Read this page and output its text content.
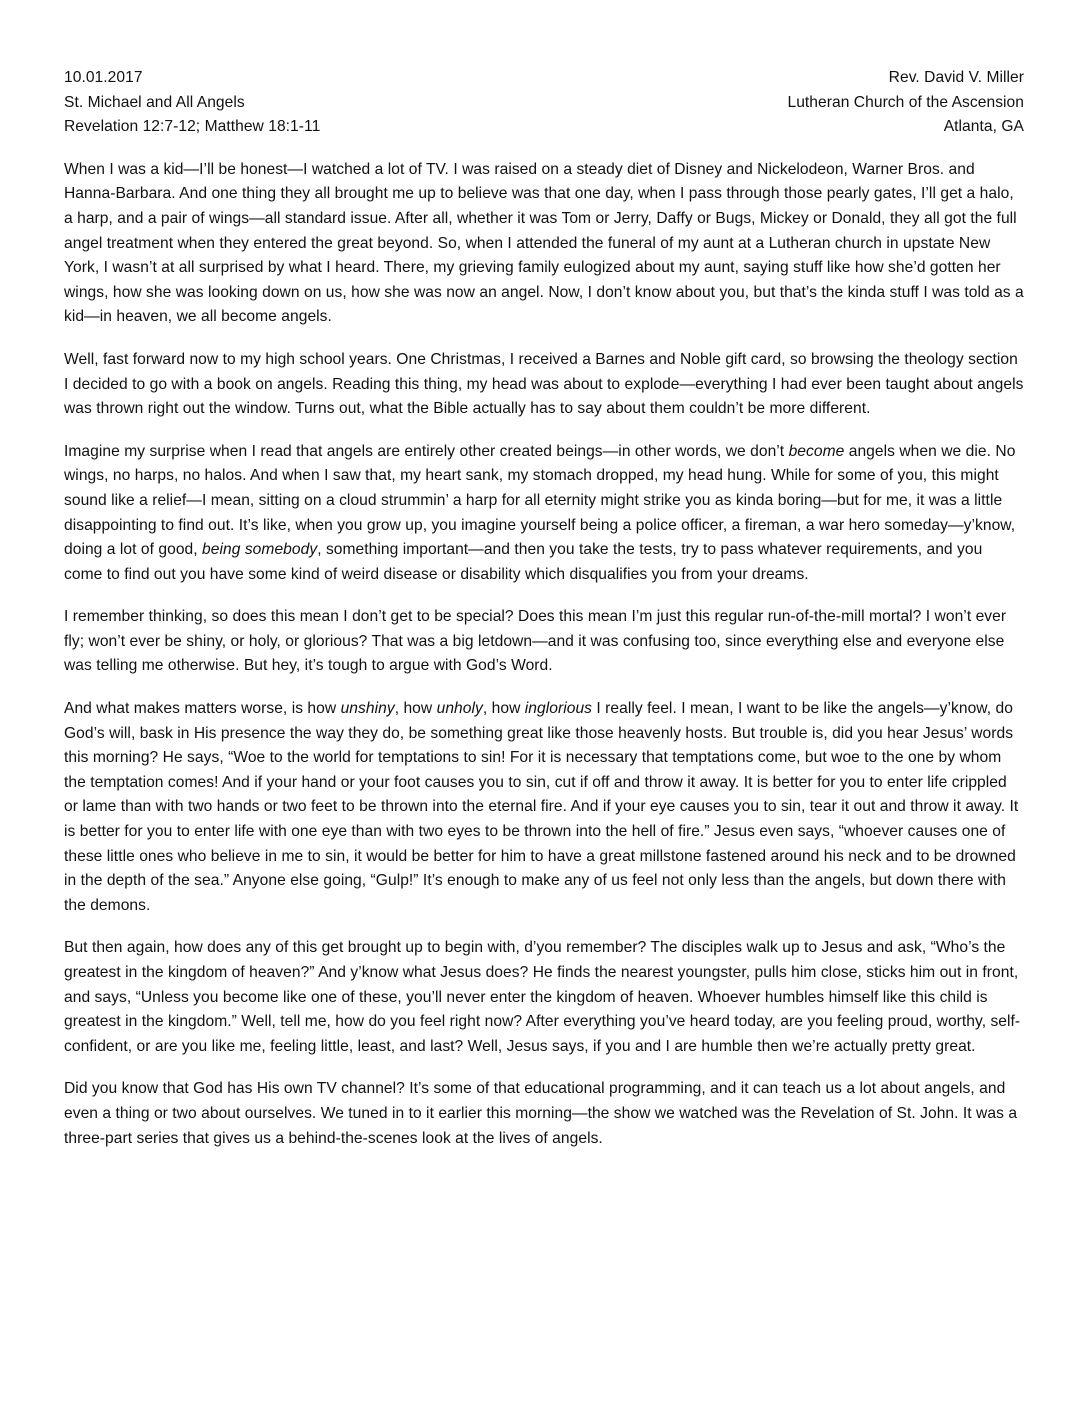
10.01.2017
St. Michael and All Angels
Revelation 12:7-12; Matthew 18:1-11
Rev. David V. Miller
Lutheran Church of the Ascension
Atlanta, GA

When I was a kid—I’ll be honest—I watched a lot of TV. I was raised on a steady diet of Disney and Nickelodeon, Warner Bros. and Hanna-Barbara. And one thing they all brought me up to believe was that one day, when I pass through those pearly gates, I’ll get a halo, a harp, and a pair of wings—all standard issue. After all, whether it was Tom or Jerry, Daffy or Bugs, Mickey or Donald, they all got the full angel treatment when they entered the great beyond. So, when I attended the funeral of my aunt at a Lutheran church in upstate New York, I wasn’t at all surprised by what I heard. There, my grieving family eulogized about my aunt, saying stuff like how she’d gotten her wings, how she was looking down on us, how she was now an angel. Now, I don’t know about you, but that’s the kinda stuff I was told as a kid—in heaven, we all become angels.

Well, fast forward now to my high school years. One Christmas, I received a Barnes and Noble gift card, so browsing the theology section I decided to go with a book on angels. Reading this thing, my head was about to explode—everything I had ever been taught about angels was thrown right out the window. Turns out, what the Bible actually has to say about them couldn’t be more different.

Imagine my surprise when I read that angels are entirely other created beings—in other words, we don’t become angels when we die. No wings, no harps, no halos. And when I saw that, my heart sank, my stomach dropped, my head hung. While for some of you, this might sound like a relief—I mean, sitting on a cloud strummin’ a harp for all eternity might strike you as kinda boring—but for me, it was a little disappointing to find out. It’s like, when you grow up, you imagine yourself being a police officer, a fireman, a war hero someday—y’know, doing a lot of good, being somebody, something important—and then you take the tests, try to pass whatever requirements, and you come to find out you have some kind of weird disease or disability which disqualifies you from your dreams.

I remember thinking, so does this mean I don’t get to be special? Does this mean I’m just this regular run-of-the-mill mortal? I won’t ever fly; won’t ever be shiny, or holy, or glorious? That was a big letdown—and it was confusing too, since everything else and everyone else was telling me otherwise. But hey, it’s tough to argue with God’s Word.

And what makes matters worse, is how unshiny, how unholy, how inglorious I really feel. I mean, I want to be like the angels—y’know, do God’s will, bask in His presence the way they do, be something great like those heavenly hosts. But trouble is, did you hear Jesus’ words this morning? He says, “Woe to the world for temptations to sin! For it is necessary that temptations come, but woe to the one by whom the temptation comes! And if your hand or your foot causes you to sin, cut if off and throw it away. It is better for you to enter life crippled or lame than with two hands or two feet to be thrown into the eternal fire. And if your eye causes you to sin, tear it out and throw it away. It is better for you to enter life with one eye than with two eyes to be thrown into the hell of fire.” Jesus even says, “whoever causes one of these little ones who believe in me to sin, it would be better for him to have a great millstone fastened around his neck and to be drowned in the depth of the sea.” Anyone else going, “Gulp!” It’s enough to make any of us feel not only less than the angels, but down there with the demons.

But then again, how does any of this get brought up to begin with, d’you remember? The disciples walk up to Jesus and ask, “Who’s the greatest in the kingdom of heaven?” And y’know what Jesus does? He finds the nearest youngster, pulls him close, sticks him out in front, and says, “Unless you become like one of these, you’ll never enter the kingdom of heaven. Whoever humbles himself like this child is greatest in the kingdom.” Well, tell me, how do you feel right now? After everything you’ve heard today, are you feeling proud, worthy, self-confident, or are you like me, feeling little, least, and last? Well, Jesus says, if you and I are humble then we’re actually pretty great.

Did you know that God has His own TV channel? It’s some of that educational programming, and it can teach us a lot about angels, and even a thing or two about ourselves. We tuned in to it earlier this morning—the show we watched was the Revelation of St. John. It was a three-part series that gives us a behind-the-scenes look at the lives of angels.
